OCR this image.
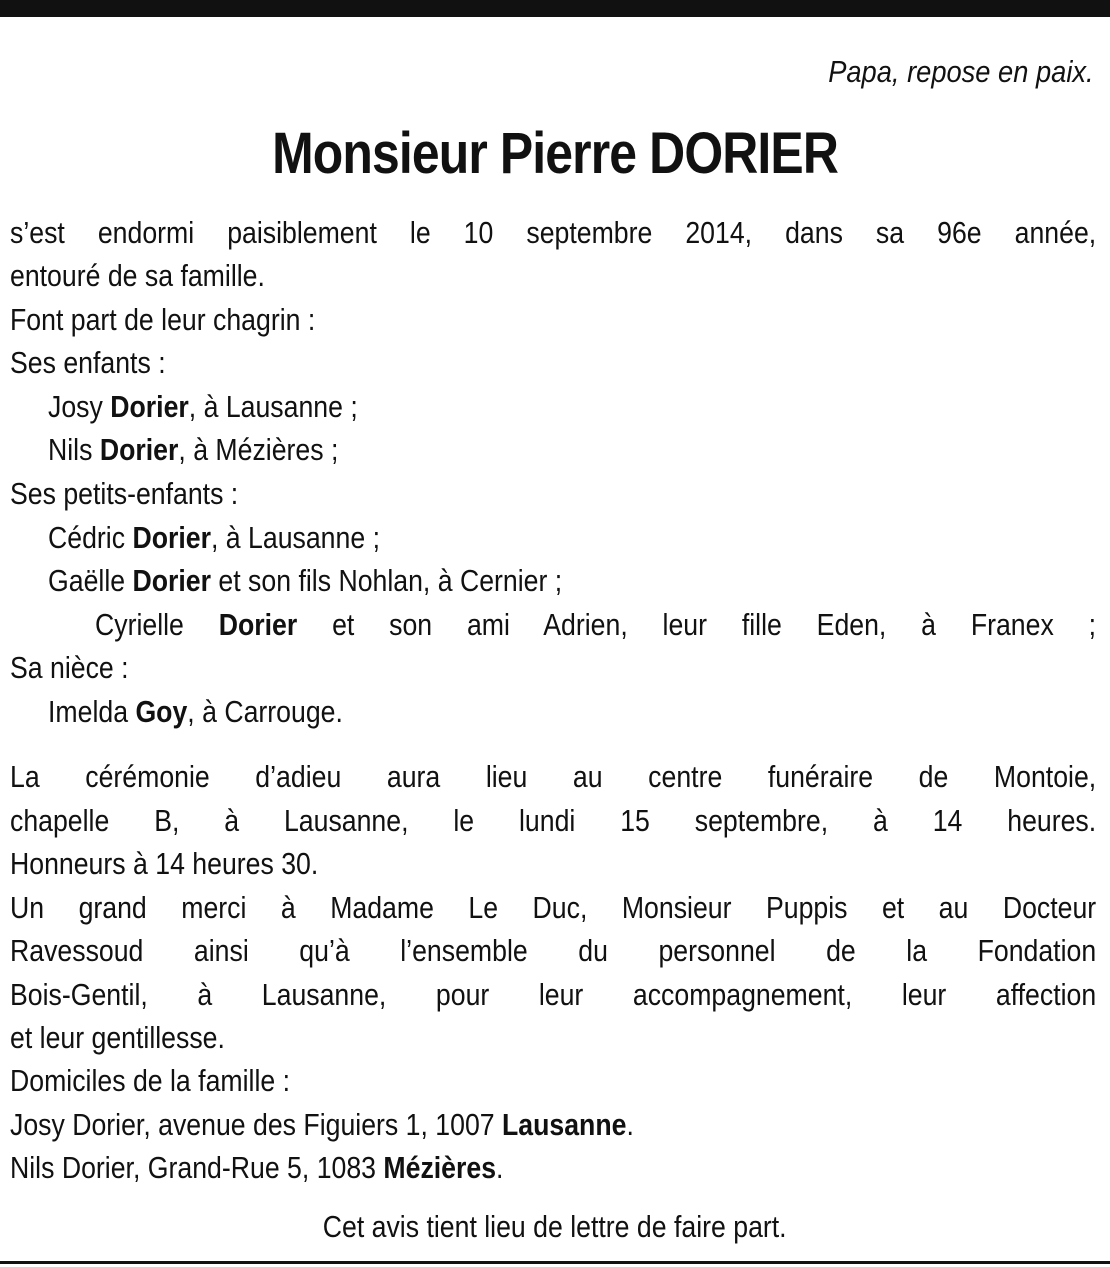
Papa, repose en paix.
Monsieur Pierre DORIER
s’est endormi paisiblement le 10 septembre 2014, dans sa 96e année,
entouré de sa famille.
Font part de leur chagrin :
Ses enfants :
Josy Dorier, à Lausanne ;
Nils Dorier, à Mézières ;
Ses petits-enfants :
Cédric Dorier, à Lausanne ;
Gaëlle Dorier et son fils Nohlan, à Cernier ;
Cyrielle Dorier et son ami Adrien, leur fille Eden, à Franex ;
Sa nièce :
Imelda Goy, à Carrouge.
La cérémonie d’adieu aura lieu au centre funéraire de Montoie,
chapelle B, à Lausanne, le lundi 15 septembre, à 14 heures.
Honneurs à 14 heures 30.
Un grand merci à Madame Le Duc, Monsieur Puppis et au Docteur
Ravessoud ainsi qu’à l’ensemble du personnel de la Fondation
Bois-Gentil, à Lausanne, pour leur accompagnement, leur affection
et leur gentillesse.
Domiciles de la famille :
Josy Dorier, avenue des Figuiers 1, 1007 Lausanne.
Nils Dorier, Grand-Rue 5, 1083 Mézières.
Cet avis tient lieu de lettre de faire part.
